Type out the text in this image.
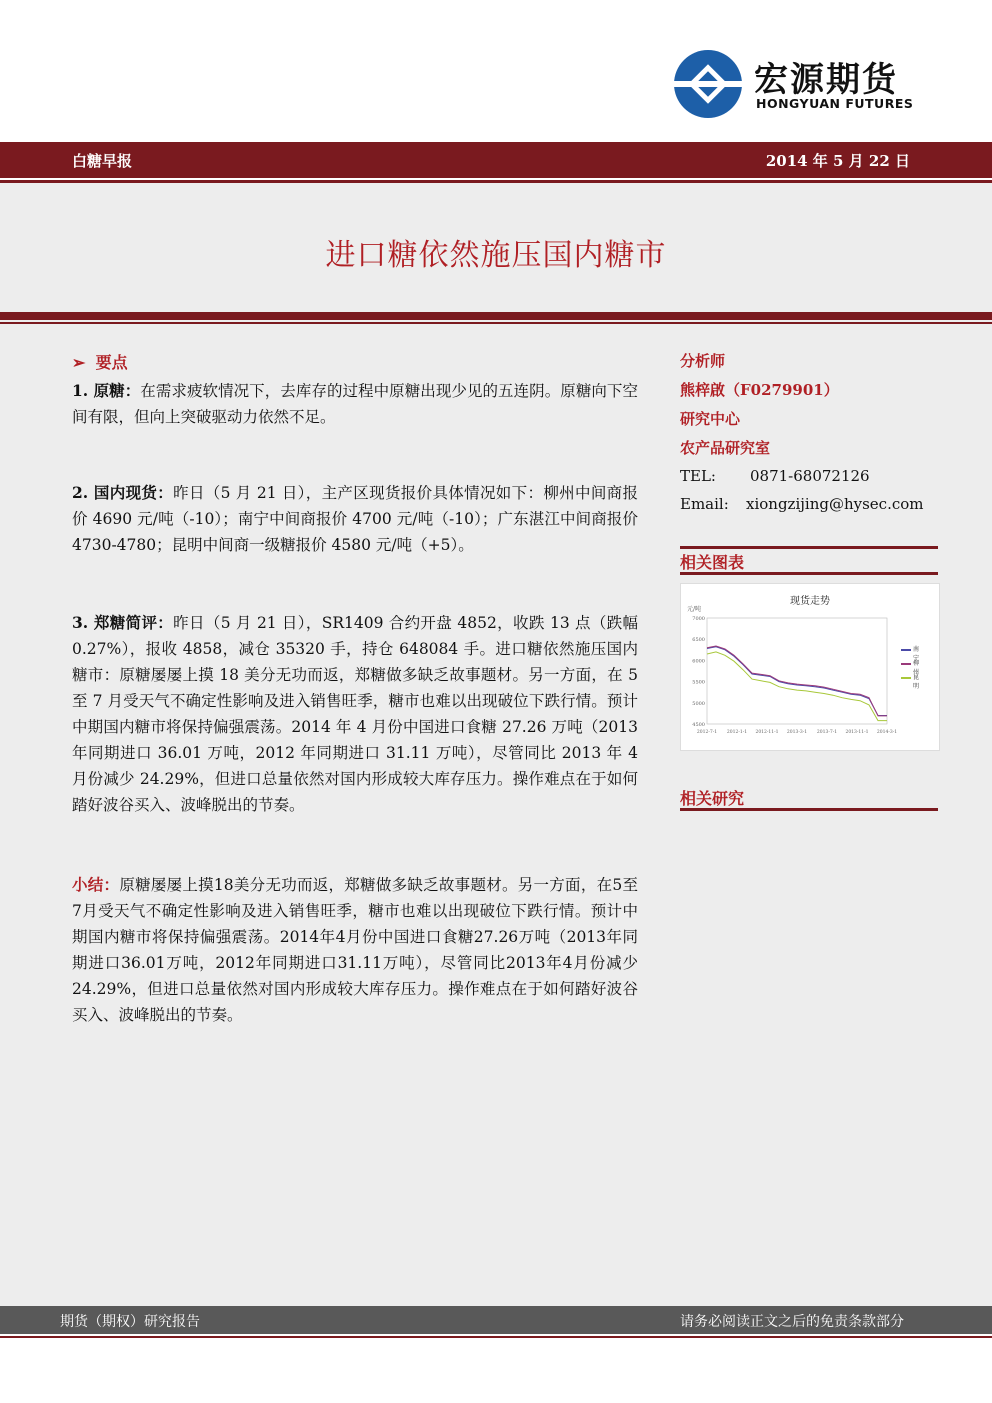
宏源期货
HONGYUAN FUTURES
白糖早报	2014 年 5 月 22 日
进口糖依然施压国内糖市
➢ 要点
1. 原糖：在需求疲软情况下，去库存的过程中原糖出现少见的五连阴。原糖向下空间有限，但向上突破驱动力依然不足。
2. 国内现货：昨日（5 月 21 日），主产区现货报价具体情况如下：柳州中间商报价 4690 元/吨（-10）；南宁中间商报价 4700 元/吨（-10）；广东湛江中间商报价 4730-4780；昆明中间商一级糖报价 4580 元/吨（+5）。
3. 郑糖简评：昨日（5 月 21 日），SR1409 合约开盘 4852，收跌 13 点（跌幅 0.27%），报收 4858，减仓 35320 手，持仓 648084 手。进口糖依然施压国内糖市：原糖屡屡上摸 18 美分无功而返，郑糖做多缺乏故事题材。另一方面，在 5 至 7 月受天气不确定性影响及进入销售旺季，糖市也难以出现破位下跌行情。预计中期国内糖市将保持偏强震荡。2014 年 4 月份中国进口食糖 27.26 万吨（2013 年同期进口 36.01 万吨，2012 年同期进口 31.11 万吨），尽管同比 2013 年 4 月份减少 24.29%，但进口总量依然对国内形成较大库存压力。操作难点在于如何踏好波谷买入、波峰脱出的节奏。
小结：原糖屡屡上摸18美分无功而返，郑糖做多缺乏故事题材。另一方面，在5至7月受天气不确定性影响及进入销售旺季，糖市也难以出现破位下跌行情。预计中期国内糖市将保持偏强震荡。2014年4月份中国进口食糖27.26万吨（2013年同期进口36.01万吨，2012年同期进口31.11万吨），尽管同比2013年4月份减少24.29%，但进口总量依然对国内形成较大库存压力。操作难点在于如何踏好波谷买入、波峰脱出的节奏。
分析师
熊梓啟（F0279901）
研究中心
农产品研究室
TEL: 0871-68072126
Email: xiongzijing@hysec.com
相关图表
现货走势
元/吨
7000
6500
6000
5500
5000
4500
2012-7-1 2012-1-1 2012-11-1 2013-3-1 2013-7-1 2013-11-1 2014-3-1
南宁
柳州
昆明
相关研究
期货（期权）研究报告	请务必阅读正文之后的免责条款部分
